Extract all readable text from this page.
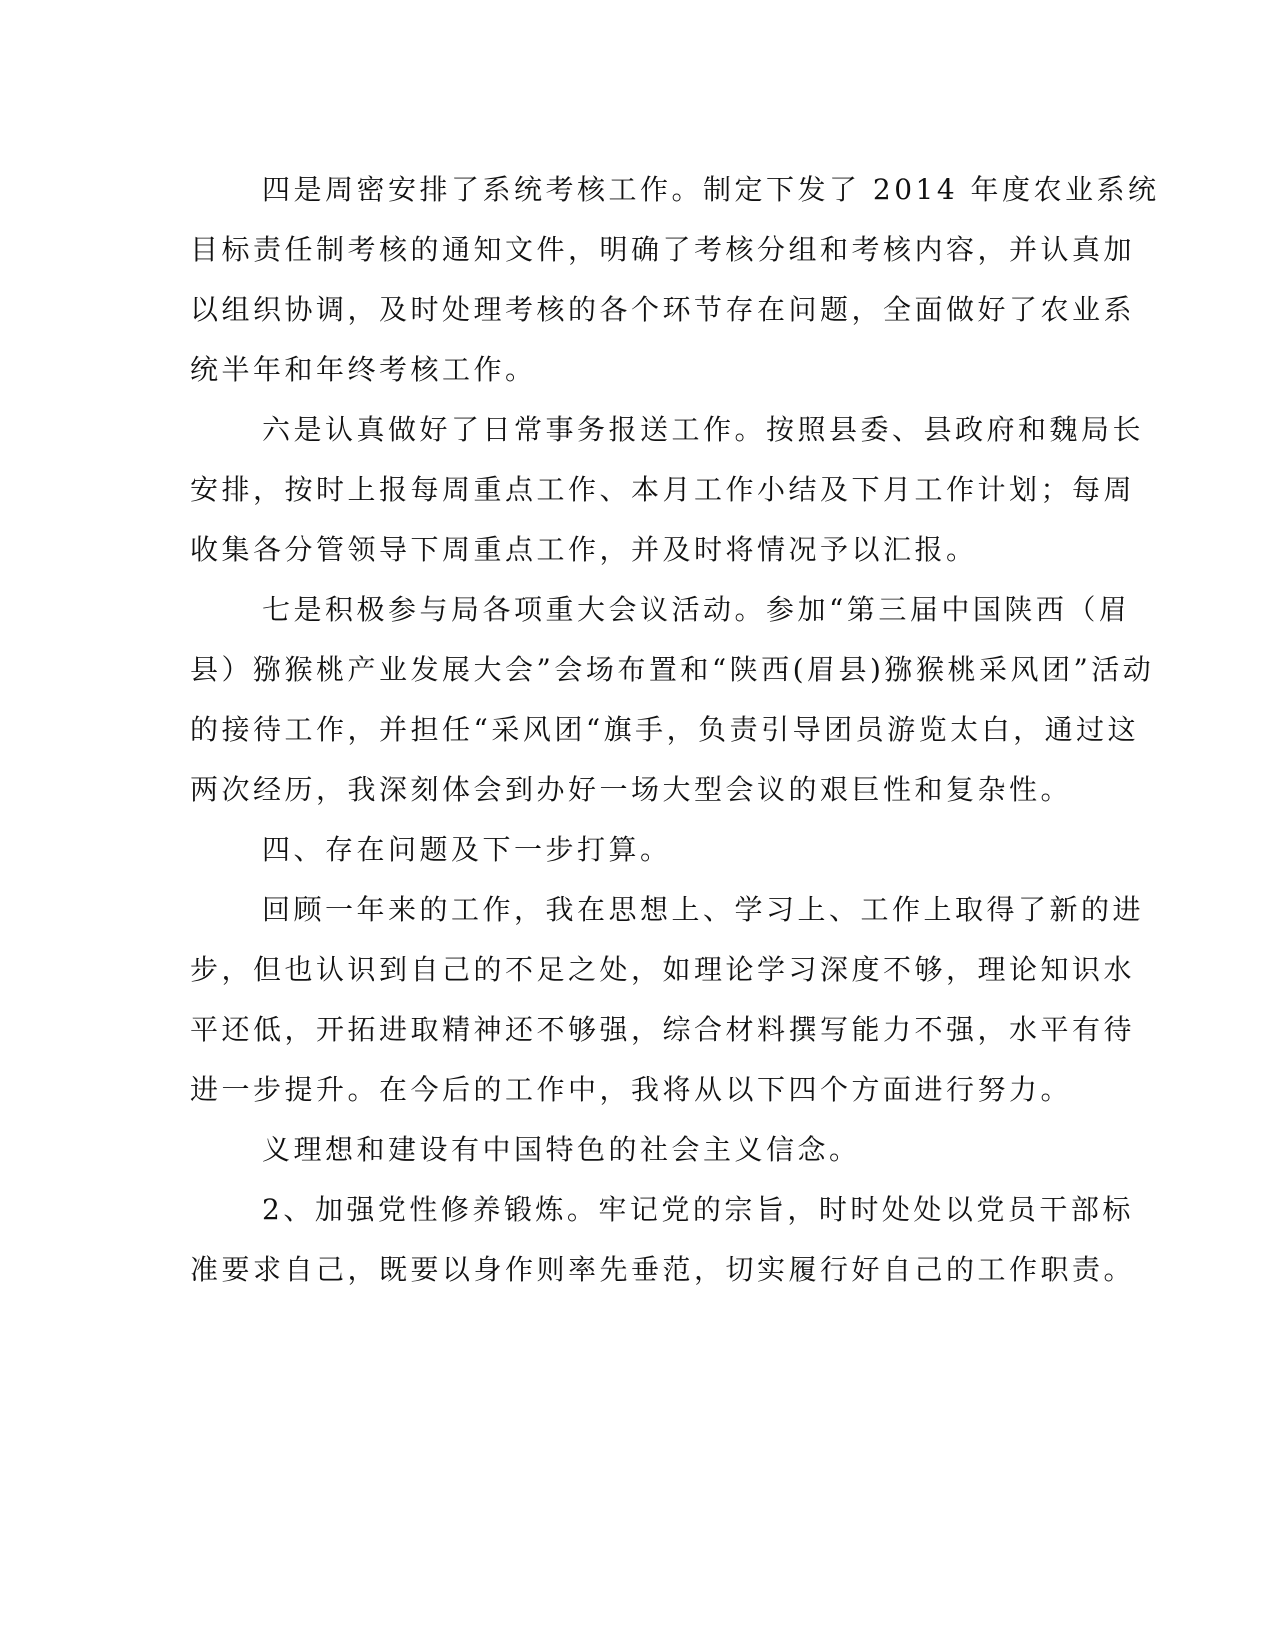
四是周密安排了系统考核工作。制定下发了 2014 年度农业系统

目标责任制考核的通知文件，明确了考核分组和考核内容，并认真加

以组织协调，及时处理考核的各个环节存在问题，全面做好了农业系

统半年和年终考核工作。

六是认真做好了日常事务报送工作。按照县委、县政府和魏局长

安排，按时上报每周重点工作、本月工作小结及下月工作计划；每周

收集各分管领导下周重点工作，并及时将情况予以汇报。

七是积极参与局各项重大会议活动。参加“第三届中国陕西（眉

县）猕猴桃产业发展大会”会场布置和“陕西(眉县)猕猴桃采风团”活动

的接待工作，并担任“采风团“旗手，负责引导团员游览太白，通过这

两次经历，我深刻体会到办好一场大型会议的艰巨性和复杂性。

四、存在问题及下一步打算。

回顾一年来的工作，我在思想上、学习上、工作上取得了新的进

步，但也认识到自己的不足之处，如理论学习深度不够，理论知识水

平还低，开拓进取精神还不够强，综合材料撰写能力不强，水平有待

进一步提升。在今后的工作中，我将从以下四个方面进行努力。

义理想和建设有中国特色的社会主义信念。

2、加强党性修养锻炼。牢记党的宗旨，时时处处以党员干部标

准要求自己，既要以身作则率先垂范，切实履行好自己的工作职责。
